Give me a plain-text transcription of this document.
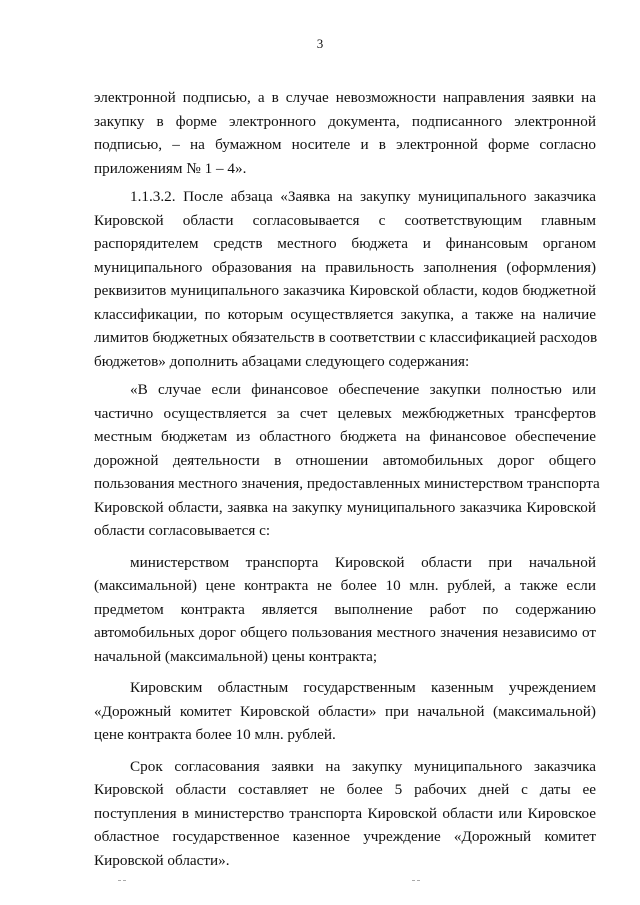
3
электронной подписью, а в случае невозможности направления заявки на
закупку в форме электронного документа, подписанного электронной
подписью, – на бумажном носителе и в электронной форме согласно
приложениям № 1 – 4».
1.1.3.2. После абзаца «Заявка на закупку муниципального заказчика
Кировской области согласовывается с соответствующим главным
распорядителем средств местного бюджета и финансовым органом
муниципального образования на правильность заполнения (оформления)
реквизитов муниципального заказчика Кировской области, кодов бюджетной
классификации, по которым осуществляется закупка, а также на наличие
лимитов бюджетных обязательств в соответствии с классификацией расходов
бюджетов» дополнить абзацами следующего содержания:
«В случае если финансовое обеспечение закупки полностью или
частично осуществляется за счет целевых межбюджетных трансфертов
местным бюджетам из областного бюджета на финансовое обеспечение
дорожной деятельности в отношении автомобильных дорог общего
пользования местного значения, предоставленных министерством транспорта
Кировской области, заявка на закупку муниципального заказчика Кировской
области согласовывается с:
министерством транспорта Кировской области при начальной
(максимальной) цене контракта не более 10 млн. рублей, а также если
предметом контракта является выполнение работ по содержанию
автомобильных дорог общего пользования местного значения независимо от
начальной (максимальной) цены контракта;
Кировским областным государственным казенным учреждением
«Дорожный комитет Кировской области» при начальной (максимальной)
цене контракта более 10 млн. рублей.
Срок согласования заявки на закупку муниципального заказчика
Кировской области составляет не более 5 рабочих дней с даты ее
поступления в министерство транспорта Кировской области или Кировское
областное государственное казенное учреждение «Дорожный комитет
Кировской области».
